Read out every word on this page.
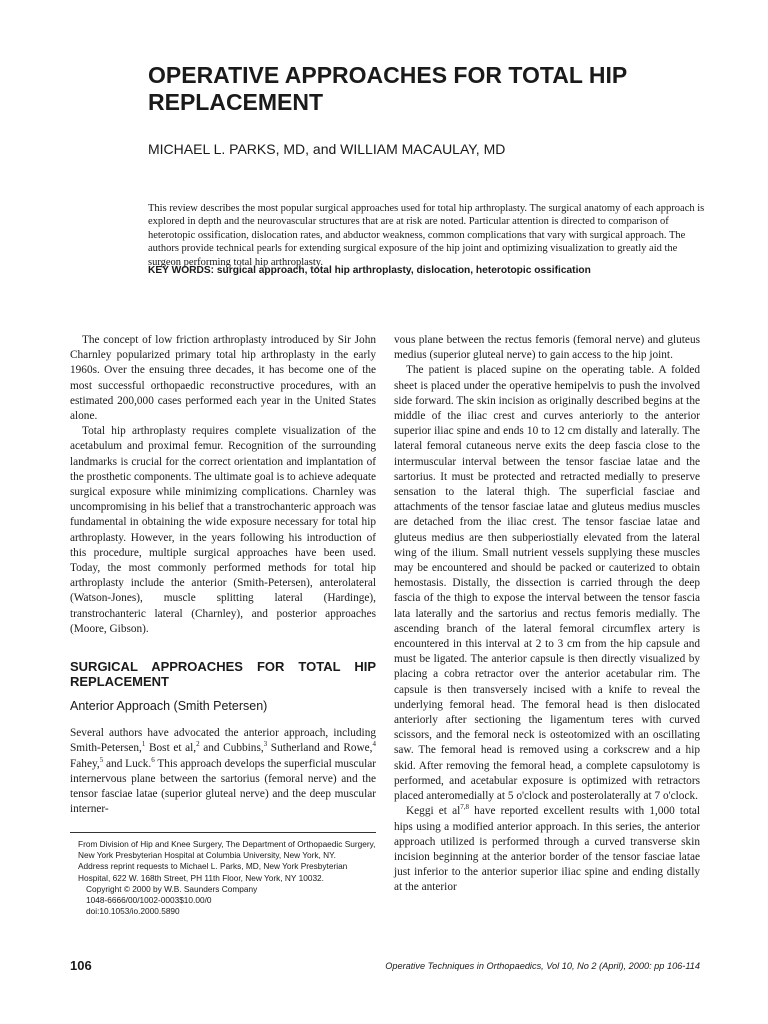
OPERATIVE APPROACHES FOR TOTAL HIP REPLACEMENT

MICHAEL L. PARKS, MD, and WILLIAM MACAULAY, MD

This review describes the most popular surgical approaches used for total hip arthroplasty. The surgical anatomy of each approach is explored in depth and the neurovascular structures that are at risk are noted. Particular attention is directed to comparison of heterotopic ossification, dislocation rates, and abductor weakness, common complications that vary with surgical approach. The authors provide technical pearls for extending surgical exposure of the hip joint and optimizing visualization to greatly aid the surgeon performing total hip arthroplasty.

KEY WORDS: surgical approach, total hip arthroplasty, dislocation, heterotopic ossification

The concept of low friction arthroplasty introduced by Sir John Charnley popularized primary total hip arthroplasty in the early 1960s. Over the ensuing three decades, it has become one of the most successful orthopaedic reconstructive procedures, with an estimated 200,000 cases performed each year in the United States alone.

Total hip arthroplasty requires complete visualization of the acetabulum and proximal femur. Recognition of the surrounding landmarks is crucial for the correct orientation and implantation of the prosthetic components. The ultimate goal is to achieve adequate surgical exposure while minimizing complications. Charnley was uncompromising in his belief that a transtrochanteric approach was fundamental in obtaining the wide exposure necessary for total hip arthroplasty. However, in the years following his introduction of this procedure, multiple surgical approaches have been used. Today, the most commonly performed methods for total hip arthroplasty include the anterior (Smith-Petersen), anterolateral (Watson-Jones), muscle splitting lateral (Hardinge), transtrochanteric lateral (Charnley), and posterior approaches (Moore, Gibson).

SURGICAL APPROACHES FOR TOTAL HIP REPLACEMENT
Anterior Approach (Smith Petersen)

Several authors have advocated the anterior approach, including Smith-Petersen,$^1$ Bost et al,$^2$ and Cubbins,$^3$ Sutherland and Rowe,$^4$ Fahey,$^5$ and Luck.$^6$ This approach develops the superficial muscular internervous plane between the sartorius (femoral nerve) and the tensor fasciae latae (superior gluteal nerve) and the deep muscular interner-

vous plane between the rectus femoris (femoral nerve) and gluteus medius (superior gluteal nerve) to gain access to the hip joint.

The patient is placed supine on the operating table. A folded sheet is placed under the operative hemipelvis to push the involved side forward. The skin incision as originally described begins at the middle of the iliac crest and curves anteriorly to the anterior superior iliac spine and ends 10 to 12 cm distally and laterally. The lateral femoral cutaneous nerve exits the deep fascia close to the intermuscular interval between the tensor fasciae latae and the sartorius. It must be protected and retracted medially to preserve sensation to the lateral thigh. The superficial fasciae and attachments of the tensor fasciae latae and gluteus medius muscles are detached from the iliac crest. The tensor fasciae latae and gluteus medius are then subperiostially elevated from the lateral wing of the ilium. Small nutrient vessels supplying these muscles may be encountered and should be packed or cauterized to obtain hemostasis. Distally, the dissection is carried through the deep fascia of the thigh to expose the interval between the tensor fascia lata laterally and the sartorius and rectus femoris medially. The ascending branch of the lateral femoral circumflex artery is encountered in this interval at 2 to 3 cm from the hip capsule and must be ligated. The anterior capsule is then directly visualized by placing a cobra retractor over the anterior acetabular rim. The capsule is then transversely incised with a knife to reveal the underlying femoral head. The femoral head is then dislocated anteriorly after sectioning the ligamentum teres with curved scissors, and the femoral neck is osteotomized with an oscillating saw. The femoral head is removed using a corkscrew and a hip skid. After removing the femoral head, a complete capsulotomy is performed, and acetabular exposure is optimized with retractors placed anteromedially at 5 o'clock and posterolaterally at 7 o'clock.

Keggi et al$^{7,8}$ have reported excellent results with 1,000 total hips using a modified anterior approach. In this series, the anterior approach utilized is performed through a curved transverse skin incision beginning at the anterior border of the tensor fasciae latae just inferior to the anterior superior iliac spine and ending distally at the anterior

From Division of Hip and Knee Surgery, The Department of Orthopaedic Surgery, New York Presbyterian Hospital at Columbia University, New York, NY.
Address reprint requests to Michael L. Parks, MD, New York Presbyterian Hospital, 622 W. 168th Street, PH 11th Floor, New York, NY 10032.
Copyright © 2000 by W.B. Saunders Company
1048-6666/00/1002-0003$10.00/0
doi:10.1053/io.2000.5890
106	Operative Techniques in Orthopaedics, Vol 10, No 2 (April), 2000: pp 106-114
